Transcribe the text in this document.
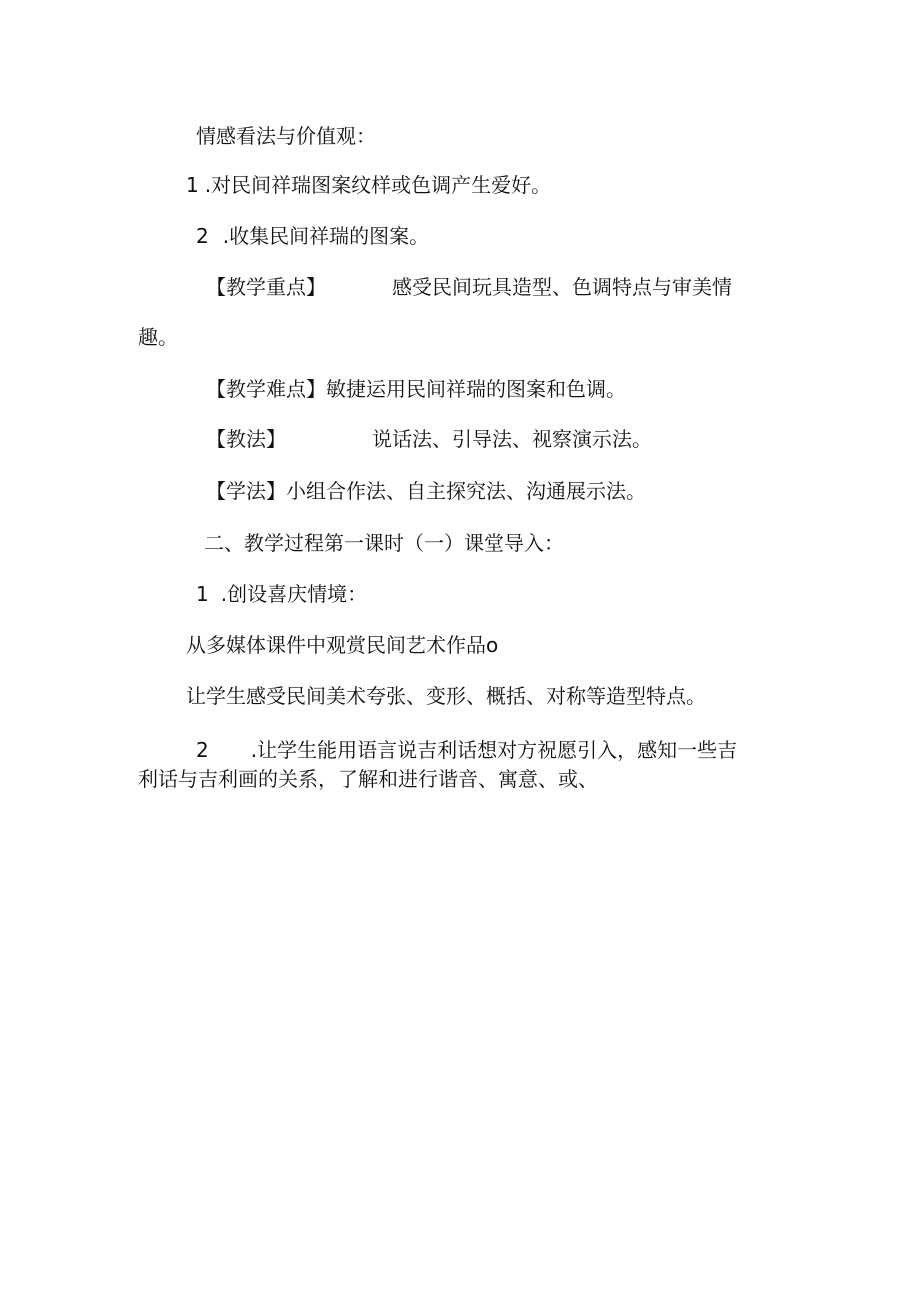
情感看法与价值观：
1 .对民间祥瑞图案纹样或色调产生爱好。
2 .收集民间祥瑞的图案。
【教学重点】	感受民间玩具造型、色调特点与审美情
趣。
【教学难点】敏捷运用民间祥瑞的图案和色调。
【教法】	说话法、引导法、视察演示法。
【学法】小组合作法、自主探究法、沟通展示法。
二、教学过程第一课时（一）课堂导入：
1 .创设喜庆情境：
从多媒体课件中观赏民间艺术作品o
让学生感受民间美术夸张、变形、概括、对称等造型特点。
2 .让学生能用语言说吉利话想对方祝愿引入，感知一些吉
利话与吉利画的关系，了解和进行谐音、寓意、或、
